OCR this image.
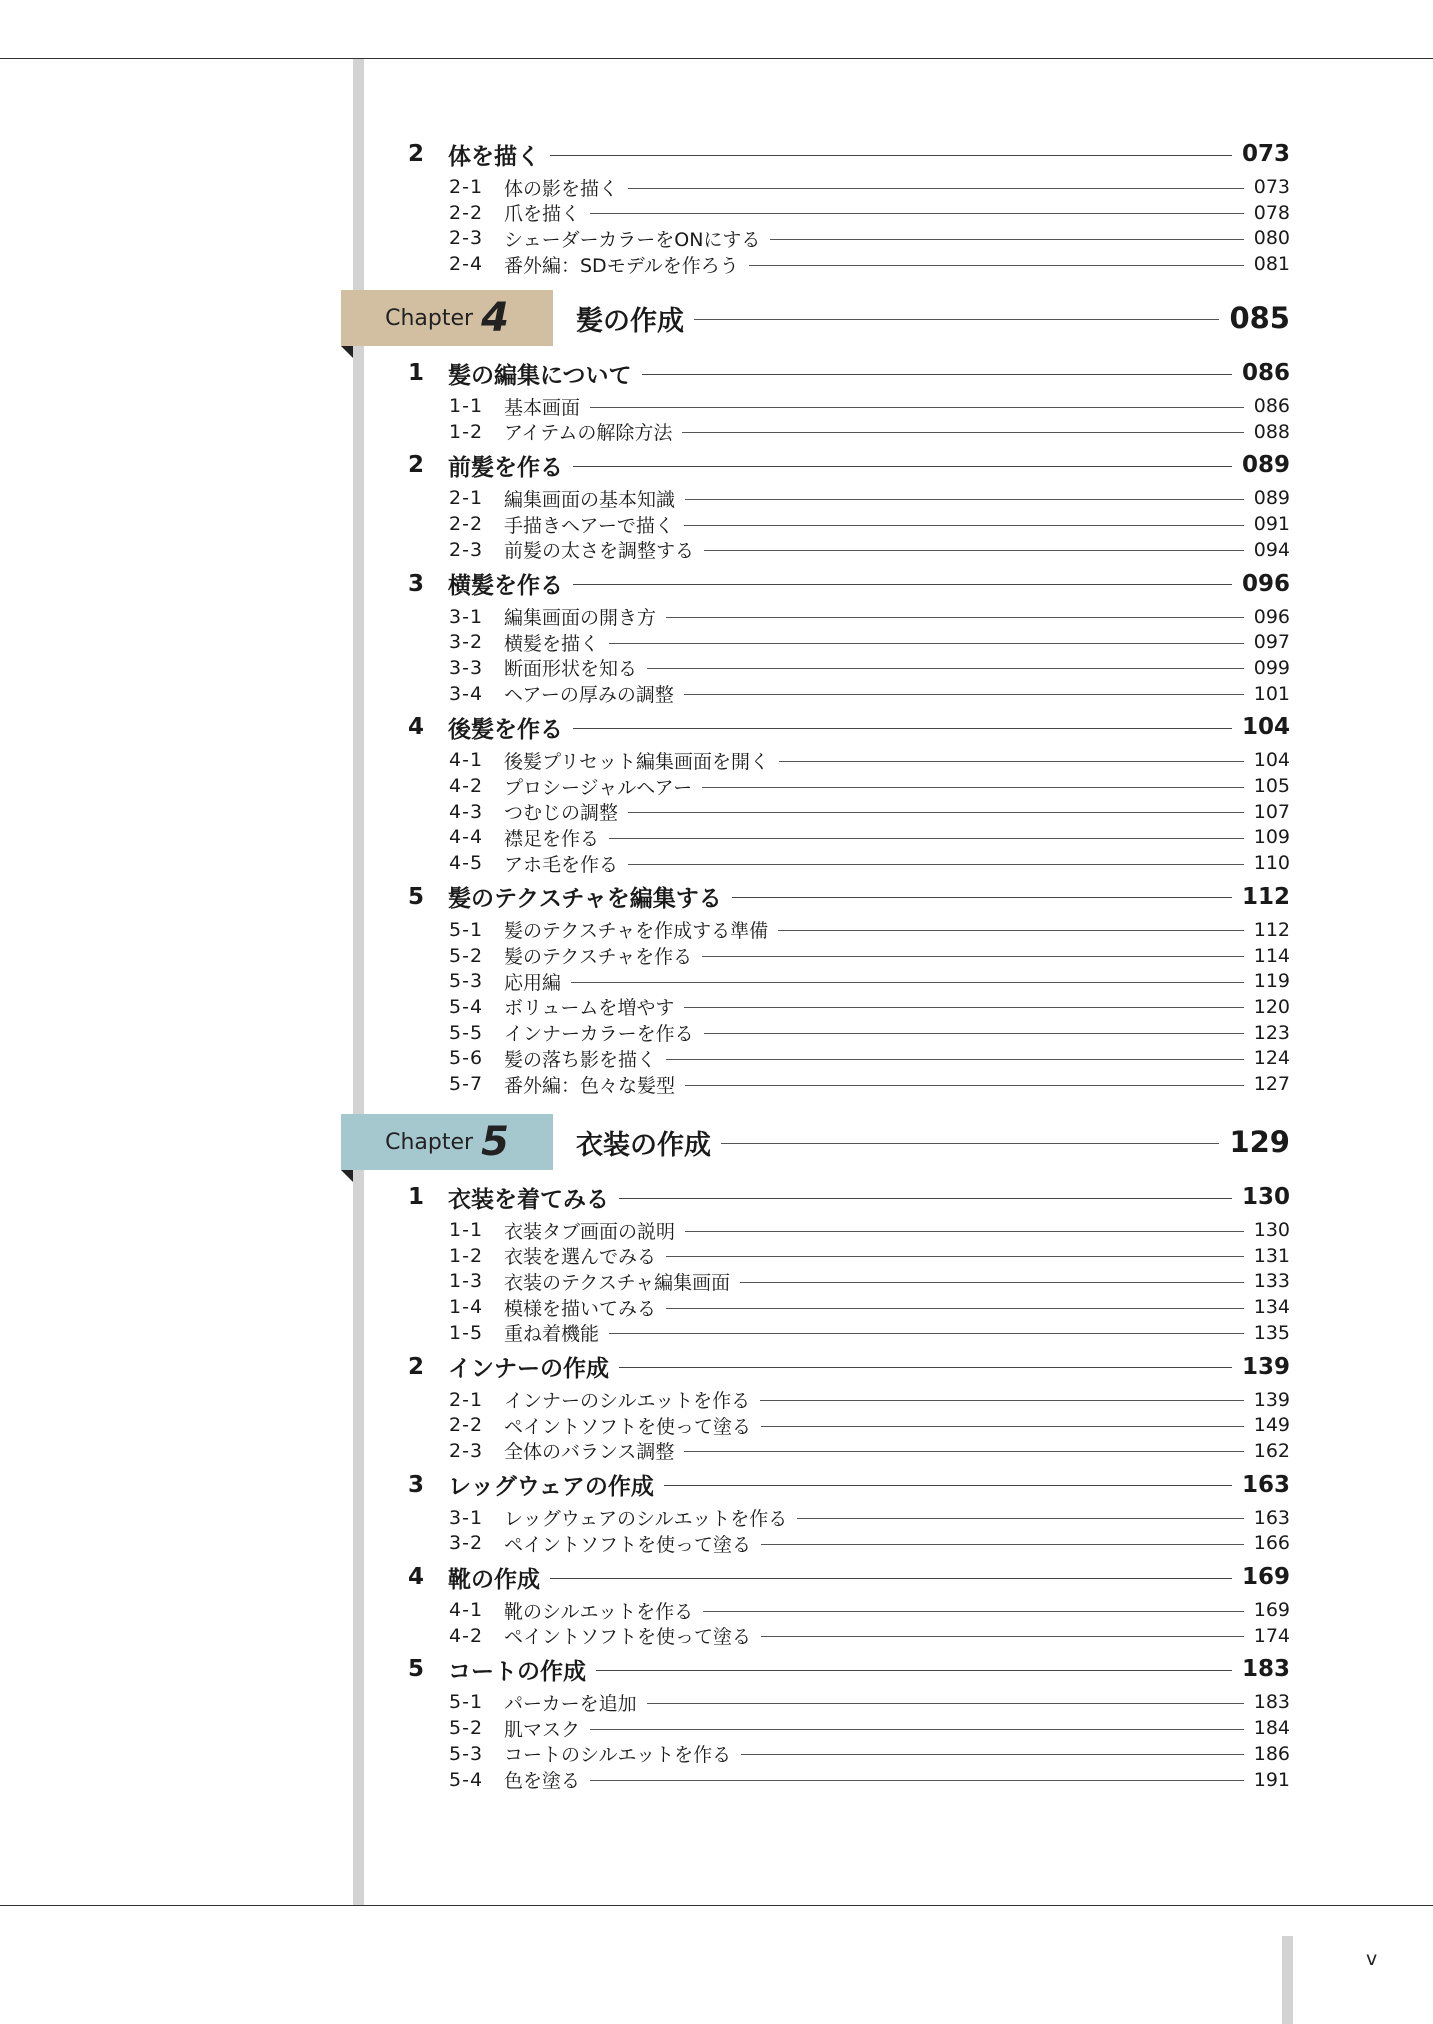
v
2	体を描く	073
2-1	体の影を描く	073
2-2	爪を描く	078
2-3	シェーダーカラーをONにする	080
2-4	番外編：SDモデルを作ろう	081
Chapter 4 髪の作成	085
1	髪の編集について	086
1-1	基本画面	086
1-2	アイテムの解除方法	088
2	前髪を作る	089
2-1	編集画面の基本知識	089
2-2	手描きヘアーで描く	091
2-3	前髪の太さを調整する	094
3	横髪を作る	096
3-1	編集画面の開き方	096
3-2	横髪を描く	097
3-3	断面形状を知る	099
3-4	ヘアーの厚みの調整	101
4	後髪を作る	104
4-1	後髪プリセット編集画面を開く	104
4-2	プロシージャルヘアー	105
4-3	つむじの調整	107
4-4	襟足を作る	109
4-5	アホ毛を作る	110
5	髪のテクスチャを編集する	112
5-1	髪のテクスチャを作成する準備	112
5-2	髪のテクスチャを作る	114
5-3	応用編	119
5-4	ボリュームを増やす	120
5-5	インナーカラーを作る	123
5-6	髪の落ち影を描く	124
5-7	番外編：色々な髪型	127
Chapter 5 衣装の作成	129
1	衣装を着てみる	130
1-1	衣装タブ画面の説明	130
1-2	衣装を選んでみる	131
1-3	衣装のテクスチャ編集画面	133
1-4	模様を描いてみる	134
1-5	重ね着機能	135
2	インナーの作成	139
2-1	インナーのシルエットを作る	139
2-2	ペイントソフトを使って塗る	149
2-3	全体のバランス調整	162
3	レッグウェアの作成	163
3-1	レッグウェアのシルエットを作る	163
3-2	ペイントソフトを使って塗る	166
4	靴の作成	169
4-1	靴のシルエットを作る	169
4-2	ペイントソフトを使って塗る	174
5	コートの作成	183
5-1	パーカーを追加	183
5-2	肌マスク	184
5-3	コートのシルエットを作る	186
5-4	色を塗る	191
